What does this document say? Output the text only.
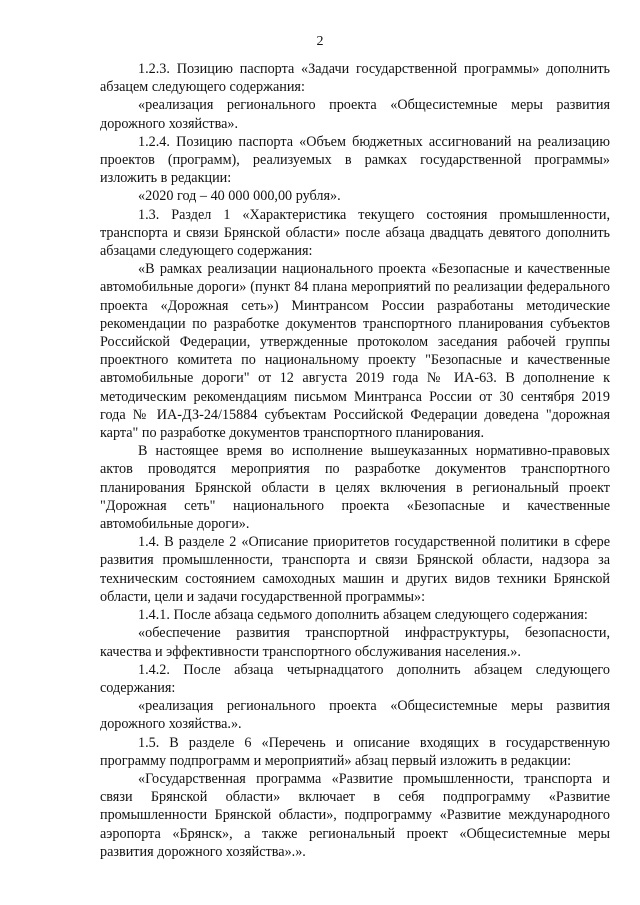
2

1.2.3. Позицию паспорта «Задачи государственной программы» дополнить абзацем следующего содержания:

«реализация регионального проекта «Общесистемные меры развития дорожного хозяйства».

1.2.4. Позицию паспорта «Объем бюджетных ассигнований на реализацию проектов (программ), реализуемых в рамках государственной программы» изложить в редакции:

«2020 год – 40 000 000,00 рубля».

1.3. Раздел 1 «Характеристика текущего состояния промышленности, транспорта и связи Брянской области» после абзаца двадцать девятого дополнить абзацами следующего содержания:

«В рамках реализации национального проекта «Безопасные и качественные автомобильные дороги» (пункт 84 плана мероприятий по реализации федерального проекта «Дорожная сеть») Минтрансом России разработаны методические рекомендации по разработке документов транспортного планирования субъектов Российской Федерации, утвержденные протоколом заседания рабочей группы проектного комитета по национальному проекту "Безопасные и качественные автомобильные дороги" от 12 августа 2019 года № ИА-63. В дополнение к методическим рекомендациям письмом Минтранса России от 30 сентября 2019 года № ИА-ДЗ-24/15884 субъектам Российской Федерации доведена "дорожная карта" по разработке документов транспортного планирования.

В настоящее время во исполнение вышеуказанных нормативно-правовых актов проводятся мероприятия по разработке документов транспортного планирования Брянской области в целях включения в региональный проект "Дорожная сеть" национального проекта «Безопасные и качественные автомобильные дороги».

1.4. В разделе 2 «Описание приоритетов государственной политики в сфере развития промышленности, транспорта и связи Брянской области, надзора за техническим состоянием самоходных машин и других видов техники Брянской области, цели и задачи государственной программы»:

1.4.1. После абзаца седьмого дополнить абзацем следующего содержания:

«обеспечение развития транспортной инфраструктуры, безопасности, качества и эффективности транспортного обслуживания населения.».

1.4.2. После абзаца четырнадцатого дополнить абзацем следующего содержания:

«реализация регионального проекта «Общесистемные меры развития дорожного хозяйства.».

1.5. В разделе 6 «Перечень и описание входящих в государственную программу подпрограмм и мероприятий» абзац первый изложить в редакции:

«Государственная программа «Развитие промышленности, транспорта и связи Брянской области» включает в себя подпрограмму «Развитие промышленности Брянской области», подпрограмму «Развитие международного аэропорта «Брянск», а также региональный проект «Общесистемные меры развития дорожного хозяйства».».
